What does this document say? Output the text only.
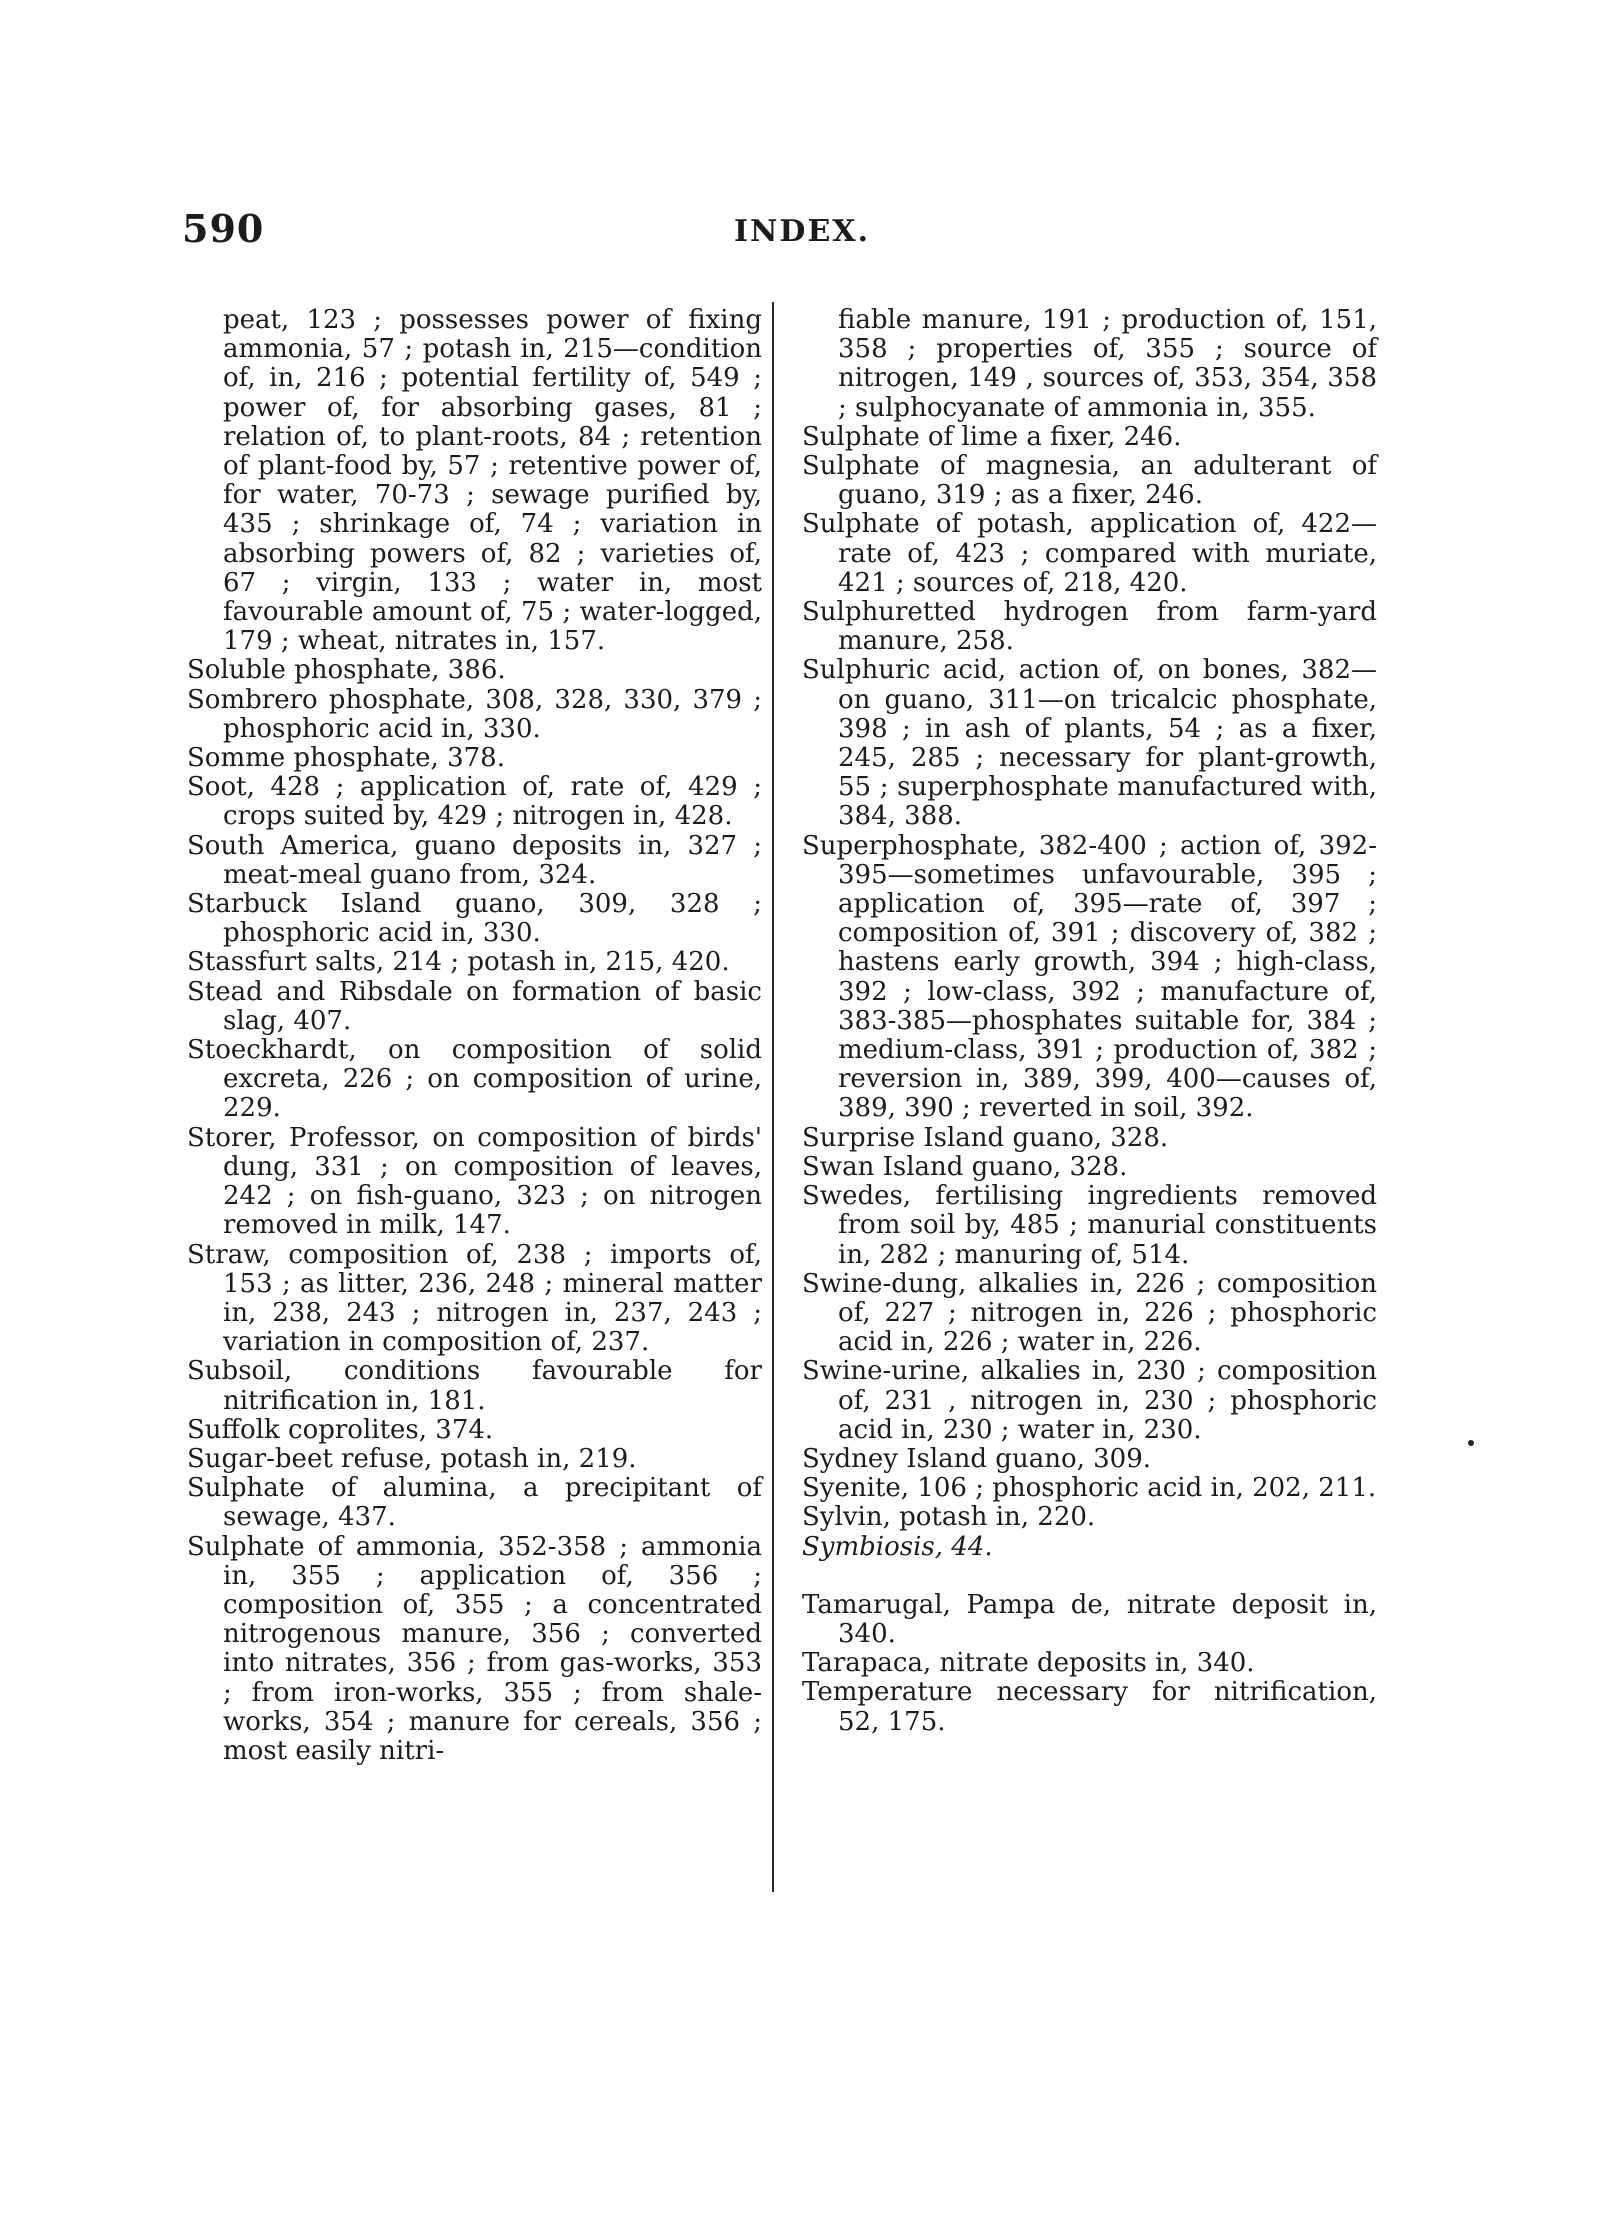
590	INDEX.

peat, 123 ; possesses power of fixing ammonia, 57 ; potash in, 215—condition of, in, 216 ; potential fertility of, 549 ; power of, for absorbing gases, 81 ; relation of, to plant-roots, 84 ; retention of plant-food by, 57 ; retentive power of, for water, 70-73 ; sewage purified by, 435 ; shrinkage of, 74 ; variation in absorbing powers of, 82 ; varieties of, 67 ; virgin, 133 ; water in, most favourable amount of, 75 ; water-logged, 179 ; wheat, nitrates in, 157.

Soluble phosphate, 386.

Sombrero phosphate, 308, 328, 330, 379 ; phosphoric acid in, 330.

Somme phosphate, 378.

Soot, 428 ; application of, rate of, 429 ; crops suited by, 429 ; nitrogen in, 428.

South America, guano deposits in, 327 ; meat-meal guano from, 324.

Starbuck Island guano, 309, 328 ; phosphoric acid in, 330.

Stassfurt salts, 214 ; potash in, 215, 420.

Stead and Ribsdale on formation of basic slag, 407.

Stoeckhardt, on composition of solid excreta, 226 ; on composition of urine, 229.

Storer, Professor, on composition of birds' dung, 331 ; on composition of leaves, 242 ; on fish-guano, 323 ; on nitrogen removed in milk, 147.

Straw, composition of, 238 ; imports of, 153 ; as litter, 236, 248 ; mineral matter in, 238, 243 ; nitrogen in, 237, 243 ; variation in composition of, 237.

Subsoil, conditions favourable for nitrification in, 181.

Suffolk coprolites, 374.

Sugar-beet refuse, potash in, 219.

Sulphate of alumina, a precipitant of sewage, 437.

Sulphate of ammonia, 352-358 ; ammonia in, 355 ; application of, 356 ; composition of, 355 ; a concentrated nitrogenous manure, 356 ; converted into nitrates, 356 ; from gas-works, 353 ; from iron-works, 355 ; from shale-works, 354 ; manure for cereals, 356 ; most easily nitri-

fiable manure, 191 ; production of, 151, 358 ; properties of, 355 ; source of nitrogen, 149 , sources of, 353, 354, 358 ; sulphocyanate of ammonia in, 355.

Sulphate of lime a fixer, 246.

Sulphate of magnesia, an adulterant of guano, 319 ; as a fixer, 246.

Sulphate of potash, application of, 422—rate of, 423 ; compared with muriate, 421 ; sources of, 218, 420.

Sulphuretted hydrogen from farm-yard manure, 258.

Sulphuric acid, action of, on bones, 382—on guano, 311—on tricalcic phosphate, 398 ; in ash of plants, 54 ; as a fixer, 245, 285 ; necessary for plant-growth, 55 ; superphosphate manufactured with, 384, 388.

Superphosphate, 382-400 ; action of, 392-395—sometimes unfavourable, 395 ; application of, 395—rate of, 397 ; composition of, 391 ; discovery of, 382 ; hastens early growth, 394 ; high-class, 392 ; low-class, 392 ; manufacture of, 383-385—phosphates suitable for, 384 ; medium-class, 391 ; production of, 382 ; reversion in, 389, 399, 400—causes of, 389, 390 ; reverted in soil, 392.

Surprise Island guano, 328.

Swan Island guano, 328.

Swedes, fertilising ingredients removed from soil by, 485 ; manurial constituents in, 282 ; manuring of, 514.

Swine-dung, alkalies in, 226 ; composition of, 227 ; nitrogen in, 226 ; phosphoric acid in, 226 ; water in, 226.

Swine-urine, alkalies in, 230 ; composition of, 231 , nitrogen in, 230 ; phosphoric acid in, 230 ; water in, 230.

Sydney Island guano, 309.

Syenite, 106 ; phosphoric acid in, 202, 211.

Sylvin, potash in, 220.

Symbiosis, 44.

Tamarugal, Pampa de, nitrate deposit in, 340.

Tarapaca, nitrate deposits in, 340.

Temperature necessary for nitrification, 52, 175.
